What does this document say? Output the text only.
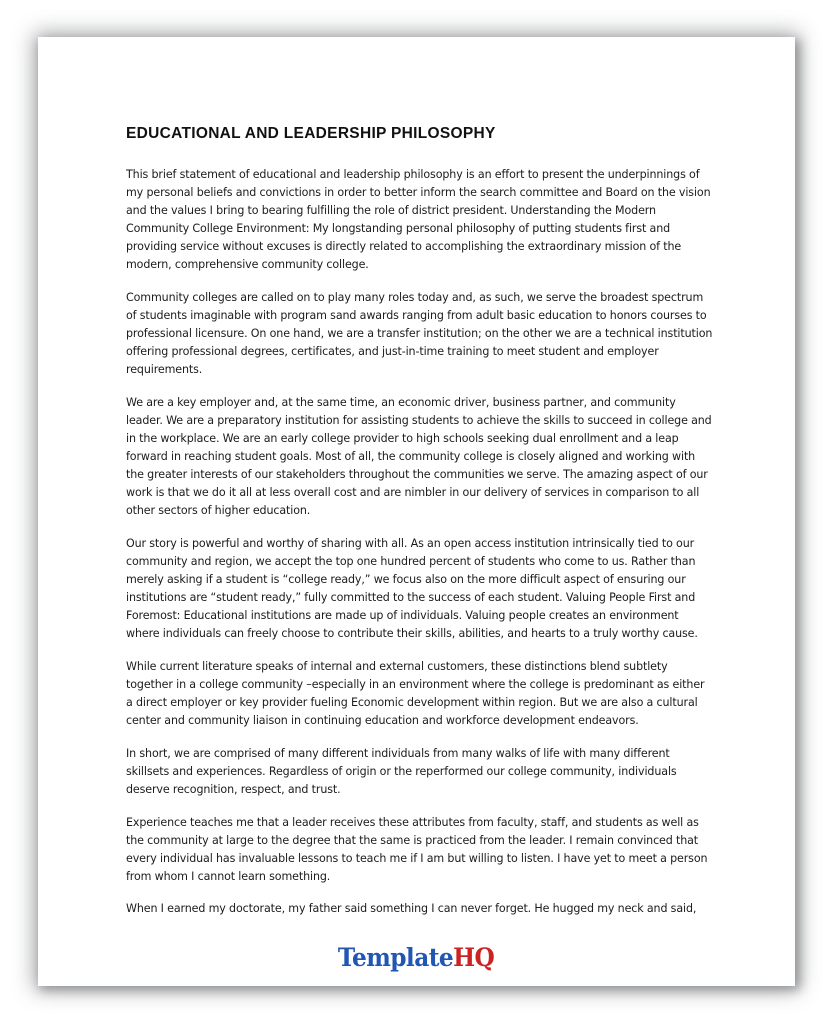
EDUCATIONAL AND LEADERSHIP PHILOSOPHY

This brief statement of educational and leadership philosophy is an effort to present the underpinnings of my personal beliefs and convictions in order to better inform the search committee and Board on the vision and the values I bring to bearing fulfilling the role of district president. Understanding the Modern Community College Environment: My longstanding personal philosophy of putting students first and providing service without excuses is directly related to accomplishing the extraordinary mission of the modern, comprehensive community college.

Community colleges are called on to play many roles today and, as such, we serve the broadest spectrum of students imaginable with program sand awards ranging from adult basic education to honors courses to professional licensure. On one hand, we are a transfer institution; on the other we are a technical institution offering professional degrees, certificates, and just-in-time training to meet student and employer requirements.

We are a key employer and, at the same time, an economic driver, business partner, and community leader. We are a preparatory institution for assisting students to achieve the skills to succeed in college and in the workplace. We are an early college provider to high schools seeking dual enrollment and a leap forward in reaching student goals. Most of all, the community college is closely aligned and working with the greater interests of our stakeholders throughout the communities we serve. The amazing aspect of our work is that we do it all at less overall cost and are nimbler in our delivery of services in comparison to all other sectors of higher education.

Our story is powerful and worthy of sharing with all. As an open access institution intrinsically tied to our community and region, we accept the top one hundred percent of students who come to us. Rather than merely asking if a student is “college ready,” we focus also on the more difficult aspect of ensuring our institutions are “student ready,” fully committed to the success of each student. Valuing People First and Foremost: Educational institutions are made up of individuals. Valuing people creates an environment where individuals can freely choose to contribute their skills, abilities, and hearts to a truly worthy cause.

While current literature speaks of internal and external customers, these distinctions blend subtlety together in a college community –especially in an environment where the college is predominant as either a direct employer or key provider fueling Economic development within region. But we are also a cultural center and community liaison in continuing education and workforce development endeavors.

In short, we are comprised of many different individuals from many walks of life with many different skillsets and experiences. Regardless of origin or the reperformed our college community, individuals deserve recognition, respect, and trust.

Experience teaches me that a leader receives these attributes from faculty, staff, and students as well as the community at large to the degree that the same is practiced from the leader. I remain convinced that every individual has invaluable lessons to teach me if I am but willing to listen. I have yet to meet a person from whom I cannot learn something.

When I earned my doctorate, my father said something I can never forget. He hugged my neck and said,

TemplateHQ
